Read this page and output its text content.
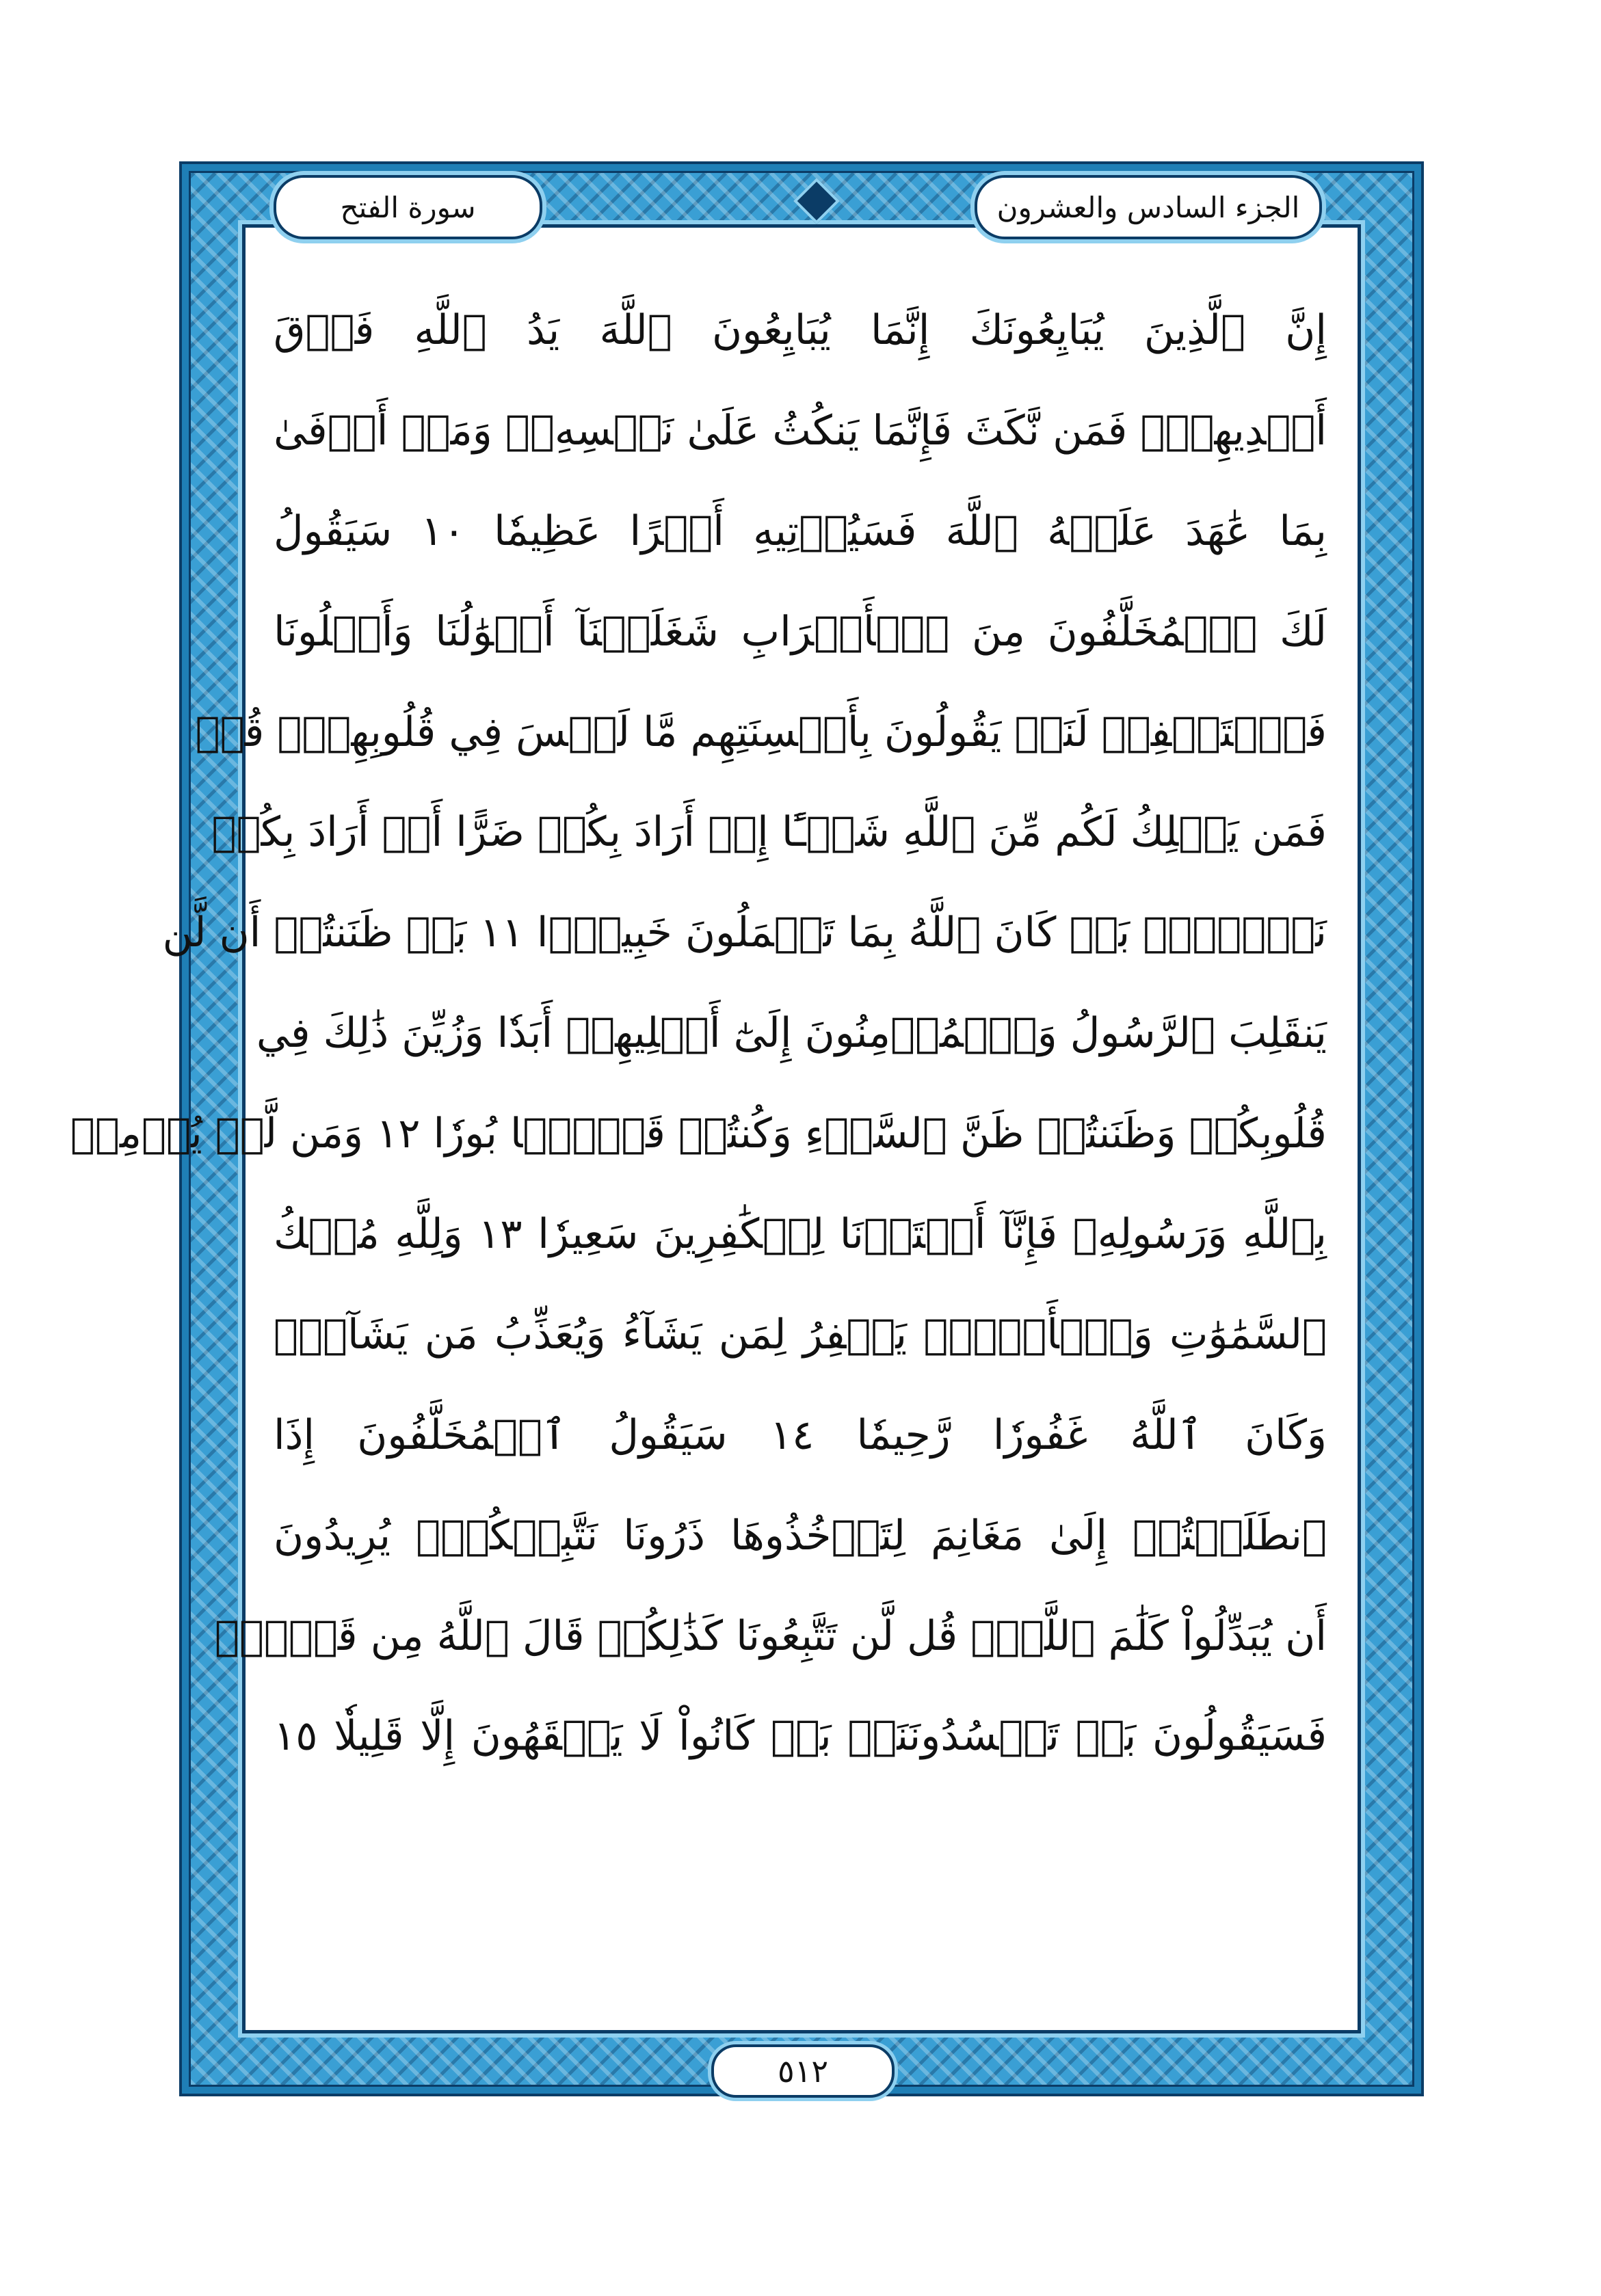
الجزء السادس والعشرون
سورة الفتح
إِنَّ ٱلَّذِينَ يُبَايِعُونَكَ إِنَّمَا يُبَايِعُونَ ٱللَّهَ يَدُ ٱللَّهِ فَوۡقَ
أَيۡدِيهِمۡۚ فَمَن نَّكَثَ فَإِنَّمَا يَنكُثُ عَلَىٰ نَفۡسِهِۦۖ وَمَنۡ أَوۡفَىٰ
بِمَا عَٰهَدَ عَلَيۡهُ ٱللَّهَ فَسَيُؤۡتِيهِ أَجۡرًا عَظِيمٗا ١٠ سَيَقُولُ
لَكَ ٱلۡمُخَلَّفُونَ مِنَ ٱلۡأَعۡرَابِ شَغَلَتۡنَآ أَمۡوَٰلُنَا وَأَهۡلُونَا
فَٱسۡتَغۡفِرۡ لَنَاۚ يَقُولُونَ بِأَلۡسِنَتِهِم مَّا لَيۡسَ فِي قُلُوبِهِمۡۚ قُلۡ
فَمَن يَمۡلِكُ لَكُم مِّنَ ٱللَّهِ شَيۡـًٔا إِنۡ أَرَادَ بِكُمۡ ضَرًّا أَوۡ أَرَادَ بِكُمۡ
نَفۡعَۢاۚ بَلۡ كَانَ ٱللَّهُ بِمَا تَعۡمَلُونَ خَبِيرَۢا ١١ بَلۡ ظَنَنتُمۡ أَن لَّن
يَنقَلِبَ ٱلرَّسُولُ وَٱلۡمُؤۡمِنُونَ إِلَىٰٓ أَهۡلِيهِمۡ أَبَدٗا وَزُيِّنَ ذَٰلِكَ فِي
قُلُوبِكُمۡ وَظَنَنتُمۡ ظَنَّ ٱلسَّوۡءِ وَكُنتُمۡ قَوۡمَۢا بُورٗا ١٢ وَمَن لَّمۡ يُؤۡمِنۢ
بِٱللَّهِ وَرَسُولِهِۦ فَإِنَّآ أَعۡتَدۡنَا لِلۡكَٰفِرِينَ سَعِيرٗا ١٣ وَلِلَّهِ مُلۡكُ
ٱلسَّمَٰوَٰتِ وَٱلۡأَرۡضِۚ يَغۡفِرُ لِمَن يَشَآءُ وَيُعَذِّبُ مَن يَشَآءُۚ
وَكَانَ ٱللَّهُ غَفُورٗا رَّحِيمٗا ١٤ سَيَقُولُ ٱلۡمُخَلَّفُونَ إِذَا
ٱنطَلَقۡتُمۡ إِلَىٰ مَغَانِمَ لِتَأۡخُذُوهَا ذَرُونَا نَتَّبِعۡكُمۡۖ يُرِيدُونَ
أَن يُبَدِّلُواْ كَلَٰمَ ٱللَّهِۚ قُل لَّن تَتَّبِعُونَا كَذَٰلِكُمۡ قَالَ ٱللَّهُ مِن قَبۡلُۖ
فَسَيَقُولُونَ بَلۡ تَحۡسُدُونَنَاۚ بَلۡ كَانُواْ لَا يَفۡقَهُونَ إِلَّا قَلِيلٗا ١٥
٥١٢
